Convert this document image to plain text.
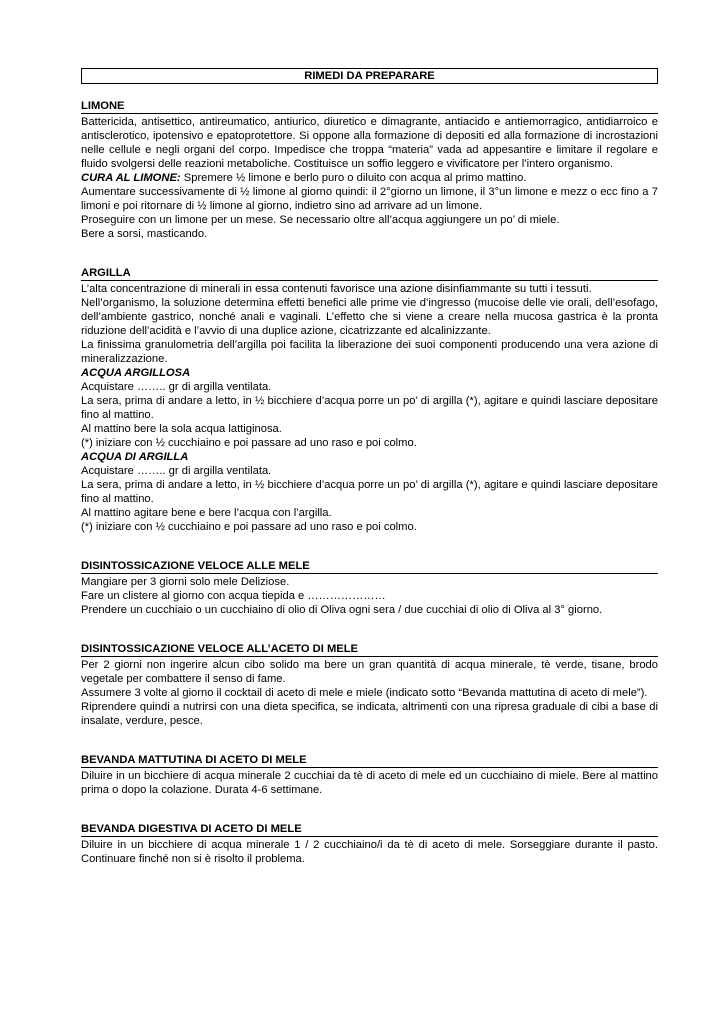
RIMEDI DA PREPARARE
LIMONE

Battericida, antisettico, antireumatico, antiurico, diuretico e dimagrante, antiacido e antiemorragico, antidiarroico e antisclerotico, ipotensivo e epatoprotettore. Si oppone alla formazione di depositi ed alla formazione di incrostazioni nelle cellule e negli organi del corpo. Impedisce che troppa “materia” vada ad appesantire e limitare il regolare e fluido svolgersi delle reazioni metaboliche. Costituisce un soffio leggero e vivificatore per l’intero organismo.

CURA AL LIMONE: Spremere ½ limone e berlo puro o diluito con acqua al primo mattino.

Aumentare successivamente di ½ limone al giorno quindi: il 2°giorno un limone, il 3°un limone e mezz o ecc fino a 7 limoni e poi ritornare di ½ limone al giorno, indietro sino ad arrivare ad un limone.

Proseguire con un limone per un mese. Se necessario oltre all’acqua aggiungere un po’ di miele.

Bere a sorsi, masticando.

ARGILLA

L’alta concentrazione di minerali in essa contenuti favorisce una azione disinfiammante su tutti i tessuti.

Nell’organismo, la soluzione determina effetti benefici alle prime vie d’ingresso (mucoise delle vie orali, dell’esofago, dell’ambiente gastrico, nonché anali e vaginali. L’effetto che si viene a creare nella mucosa gastrica è la pronta riduzione dell’acidità e l’avvio di una duplice azione, cicatrizzante ed alcalinizzante.

La finissima granulometria dell’argilla poi facilita la liberazione dei suoi componenti producendo una vera azione di mineralizzazione.

ACQUA ARGILLOSA

Acquistare …….. gr di argilla ventilata.

La sera, prima di andare a letto, in ½ bicchiere d’acqua porre un po’ di argilla (*), agitare e quindi lasciare depositare fino al mattino.

Al mattino bere la sola acqua lattiginosa.

(*) iniziare con ½ cucchiaino e poi passare ad uno raso e poi colmo.

ACQUA DI ARGILLA

Acquistare …….. gr di argilla ventilata.

La sera, prima di andare a letto, in ½ bicchiere d’acqua porre un po’ di argilla (*), agitare e quindi lasciare depositare fino al mattino.

Al mattino agitare bene e bere l’acqua con l’argilla.

(*) iniziare con ½ cucchiaino e poi passare ad uno raso e poi colmo.

DISINTOSSICAZIONE VELOCE ALLE MELE

Mangiare per 3 giorni solo mele Deliziose.

Fare un clistere al giorno con acqua tiepida e …………………

Prendere un cucchiaio o un cucchiaino di olio di Oliva ogni sera / due cucchiai di olio di Oliva al 3° giorno.

DISINTOSSICAZIONE VELOCE ALL’ACETO DI MELE

Per 2 giorni non ingerire alcun cibo solido ma bere un gran quantità di acqua minerale, tè verde, tisane, brodo vegetale per combattere il senso di fame.

Assumere 3 volte al giorno il cocktail di aceto di mele e miele (indicato sotto “Bevanda mattutina di aceto di mele”).

Riprendere quindi a nutrirsi con una dieta specifica, se indicata, altrimenti con una ripresa graduale di cibi a base di insalate, verdure, pesce.

BEVANDA MATTUTINA DI ACETO DI MELE

Diluire in un bicchiere di acqua minerale 2 cucchiai da tè di aceto di mele ed un cucchiaino di miele. Bere al mattino prima o dopo la colazione. Durata 4-6 settimane.

BEVANDA DIGESTIVA DI ACETO DI MELE

Diluire in un bicchiere di acqua minerale 1 / 2 cucchiaino/i da tè di aceto di mele. Sorseggiare durante il pasto. Continuare finché non si è risolto il problema.
